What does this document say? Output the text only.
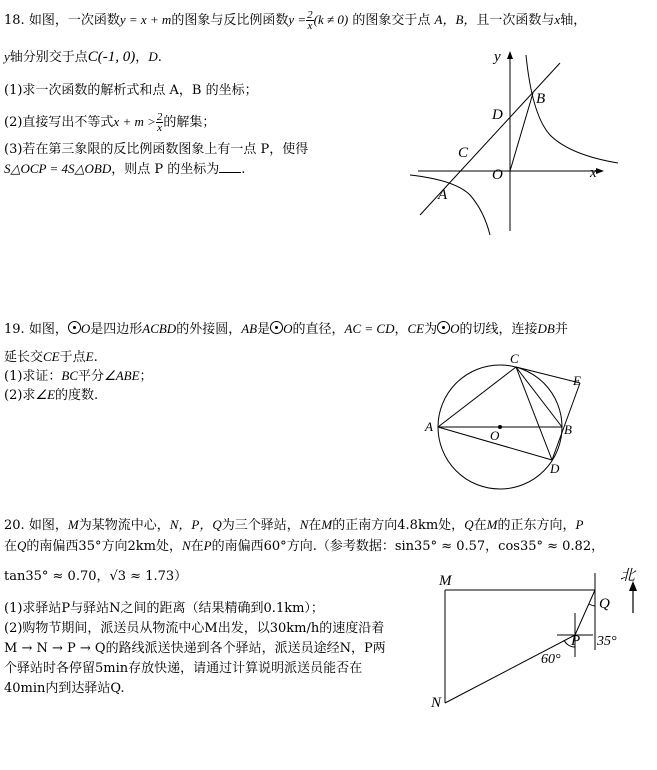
18. 如图，一次函数y = x + m的图象与反比例函数$y = \frac{2}{x} (k \ne 0)$ 的图象交于点 A，B，且一次函数与x轴，
y轴分别交于点C(-1, 0)，D.
(1)求一次函数的解析式和点 A，B 的坐标；
(2)直接写出不等式$x + m > \frac{2}{x}$ 的解集；
(3)若在第三象限的反比例函数图象上有一点 P，使得
S△OCP = 4S△OBD，则点 P 的坐标为 .
y
x
O
B
D
C
A
19. 如图， O是四边形ACBD的外接圆，AB是 O的直径，AC = CD，CE为 O的切线，连接DB并
延长交CE于点E.
(1)求证：BC平分∠ABE；
(2)求∠E的度数.
A	B
C
D
E
O
20. 如图，M为某物流中心，N，P，Q为三个驿站，N在M的正南方向4.8km处，Q在M的正东方向，P
在Q的南偏西35°方向2km处，N在P的南偏西60°方向.（参考数据：sin35° ≈ 0.57，cos35° ≈ 0.82，
tan35° ≈ 0.70，√3 ≈ 1.73）
(1)求驿站P与驿站N之间的距离（结果精确到0.1km）；
(2)购物节期间，派送员从物流中心M出发，以30km/h的速度沿着
M → N → P → Q的路线派送快递到各个驿站，派送员途经N，P两
个驿站时各停留5min存放快递，请通过计算说明派送员能否在
40min内到达驿站Q.
北
M
N
Q
P 35°
60°
